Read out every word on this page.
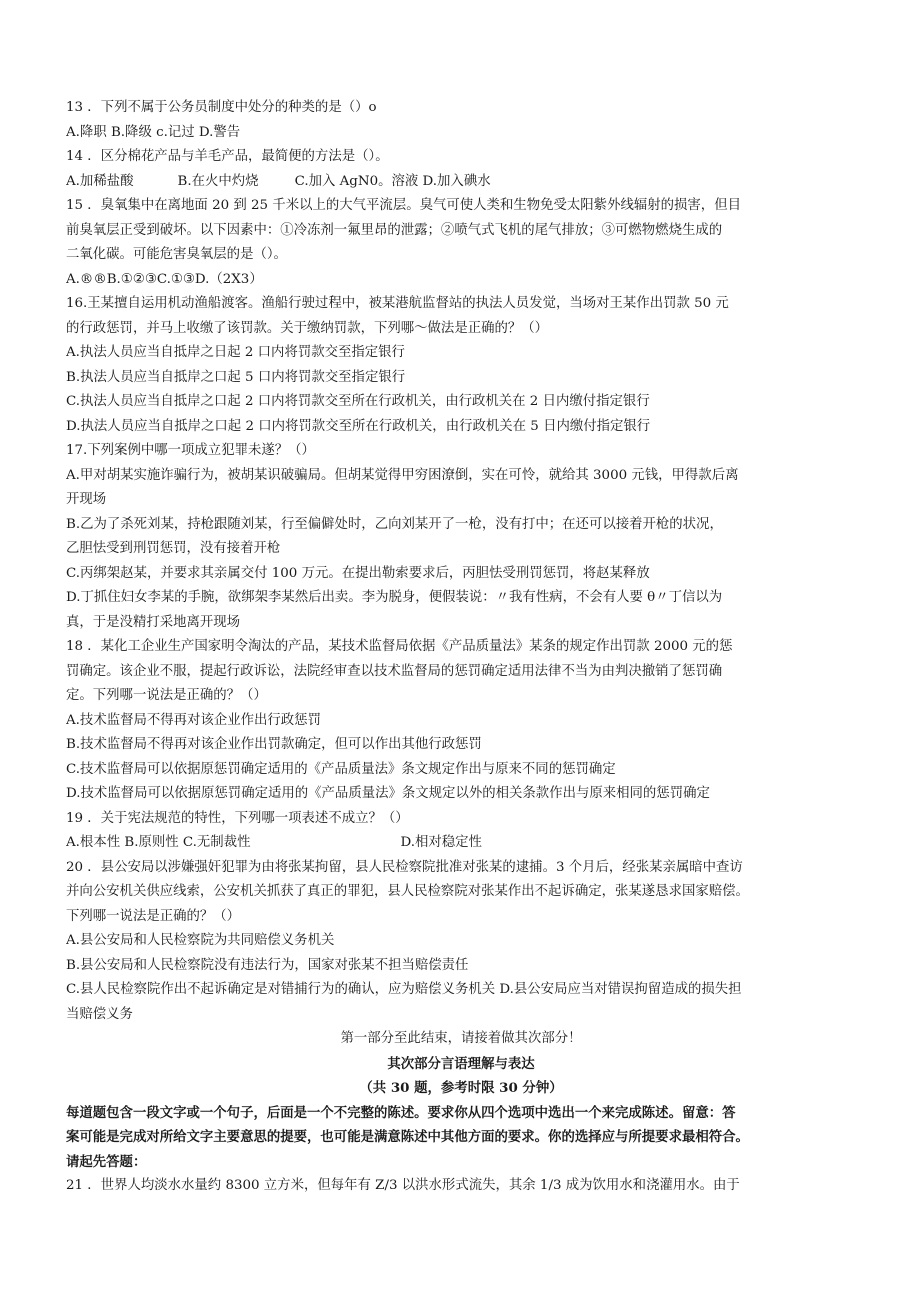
13 ．下列不属于公务员制度中处分的种类的是（）o
A.降职 B.降级 c.记过 D.警告
14 ．区分棉花产品与羊毛产品，最简便的方法是（）。
A.加稀盐酸	B.在火中灼烧	C.加入 AgN0。溶液 D.加入碘水
15 ．臭氧集中在离地面 20 到 25 千米以上的大气平流层。臭气可使人类和生物免受太阳紫外线辐射的损害，但目
前臭氧层正受到破坏。以下因素中：①冷冻剂一氟里昂的泄露；②喷气式飞机的尾气排放；③可燃物燃烧生成的
二氧化碳。可能危害臭氧层的是（）。
A.®®B.①②③C.①③D.（2X3）
16.王某擅自运用机动渔船渡客。渔船行驶过程中，被某港航监督站的执法人员发觉，当场对王某作出罚款 50 元
的行政惩罚，并马上收缴了该罚款。关于缴纳罚款，下列哪～做法是正确的？（）
A.执法人员应当自抵岸之日起 2 口内将罚款交至指定银行
B.执法人员应当自抵岸之口起 5 口内将罚款交至指定银行
C.执法人员应当自抵岸之口起 2 口内将罚款交至所在行政机关，由行政机关在 2 日内缴付指定银行
D.执法人员应当自抵岸之口起 2 口内将罚款交至所在行政机关，由行政机关在 5 日内缴付指定银行
17.下列案例中哪一项成立犯罪未遂？（）
A.甲对胡某实施诈骗行为，被胡某识破骗局。但胡某觉得甲穷困潦倒，实在可怜，就给其 3000 元钱，甲得款后离
开现场
B.乙为了杀死刘某，持枪跟随刘某，行至偏僻处时，乙向刘某开了一枪，没有打中；在还可以接着开枪的状况，
乙胆怯受到刑罚惩罚，没有接着开枪
C.丙绑架赵某，并要求其亲属交付 100 万元。在提出勒索要求后，丙胆怯受刑罚惩罚，将赵某释放
D.丁抓住妇女李某的手腕，欲绑架李某然后出卖。李为脱身，便假装说：〃我有性病，不会有人要 θ〃丁信以为
真，于是没精打采地离开现场
18 ．某化工企业生产国家明令淘汰的产品，某技术监督局依据《产品质量法》某条的规定作出罚款 2000 元的惩
罚确定。该企业不服，提起行政诉讼，法院经审查以技术监督局的惩罚确定适用法律不当为由判决撤销了惩罚确
定。下列哪一说法是正确的？（）
A.技术监督局不得再对该企业作出行政惩罚
B.技术监督局不得再对该企业作出罚款确定，但可以作出其他行政惩罚
C.技术监督局可以依据原惩罚确定适用的《产品质量法》条文规定作出与原来不同的惩罚确定
D.技术监督局可以依据原惩罚确定适用的《产品质量法》条文规定以外的相关条款作出与原来相同的惩罚确定
19 ．关于宪法规范的特性，下列哪一项表述不成立？（）
A.根本性 B.原则性 C.无制裁性	D.相对稳定性
20 ．县公安局以涉嫌强奸犯罪为由将张某拘留，县人民检察院批准对张某的逮捕。3 个月后，经张某亲属暗中查访
并向公安机关供应线索，公安机关抓获了真正的罪犯，县人民检察院对张某作出不起诉确定，张某遂恳求国家赔偿。
下列哪一说法是正确的？（）
A.县公安局和人民检察院为共同赔偿义务机关
B.县公安局和人民检察院没有违法行为，国家对张某不担当赔偿责任
C.县人民检察院作出不起诉确定是对错捕行为的确认，应为赔偿义务机关 D.县公安局应当对错误拘留造成的损失担
当赔偿义务
第一部分至此结束，请接着做其次部分！
其次部分言语理解与表达
（共 30 题，参考时限 30 分钟）
每道题包含一段文字或一个句子，后面是一个不完整的陈述。要求你从四个选项中选出一个来完成陈述。留意：答
案可能是完成对所给文字主要意思的提要，也可能是满意陈述中其他方面的要求。你的选择应与所提要求最相符合。
请起先答题：
21 ．世界人均淡水水量约 8300 立方米，但每年有 Z/3 以洪水形式流失，其余 1/3 成为饮用水和浇灌用水。由于
